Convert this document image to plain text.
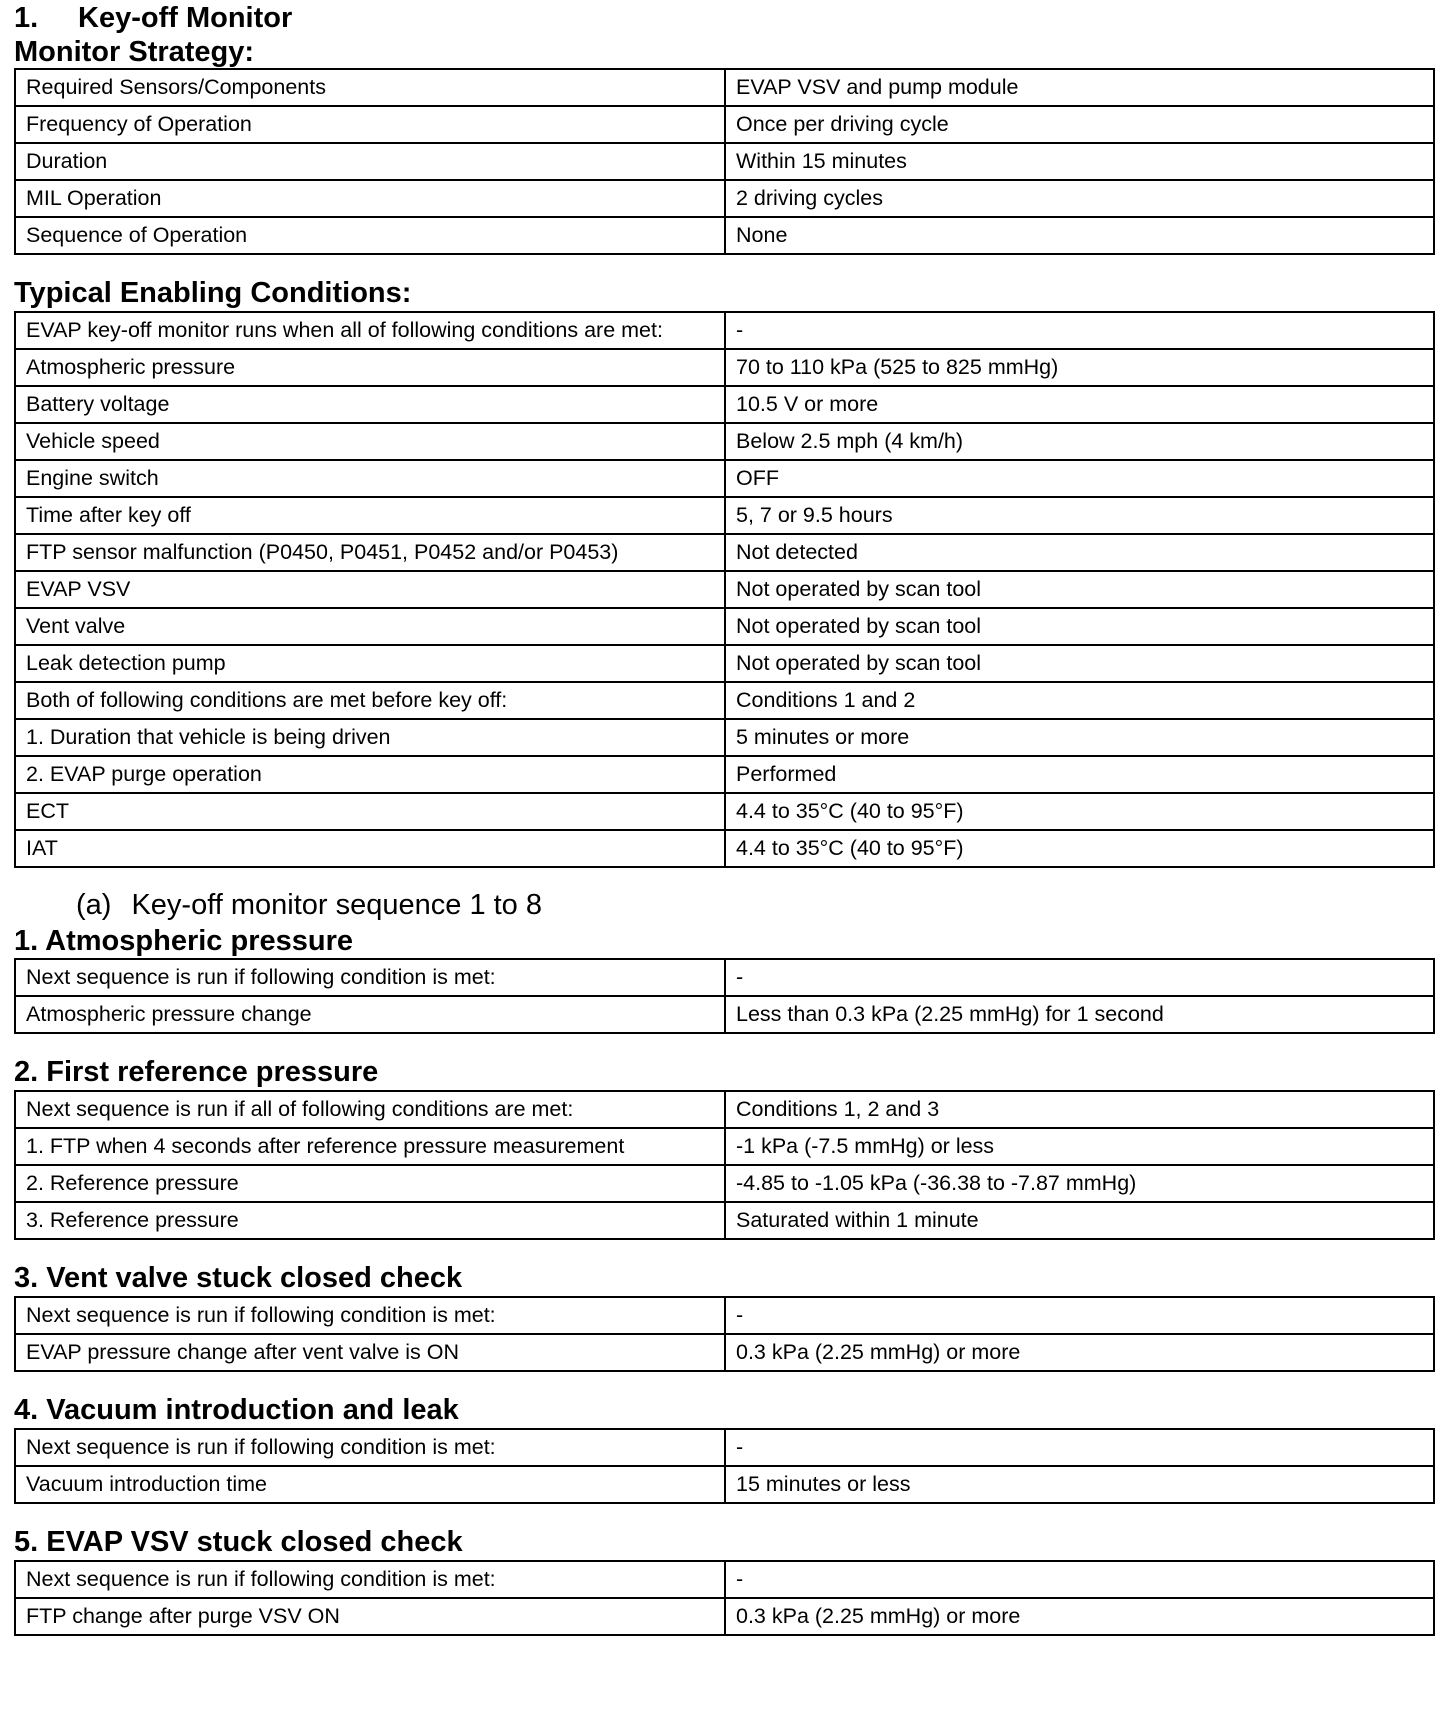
1.	Key-off Monitor
Monitor Strategy:
Required Sensors/Components	EVAP VSV and pump module
Frequency of Operation	Once per driving cycle
Duration	Within 15 minutes
MIL Operation	2 driving cycles
Sequence of Operation	None
Typical Enabling Conditions:
EVAP key-off monitor runs when all of following conditions are met:	-
Atmospheric pressure	70 to 110 kPa (525 to 825 mmHg)
Battery voltage	10.5 V or more
Vehicle speed	Below 2.5 mph (4 km/h)
Engine switch	OFF
Time after key off	5, 7 or 9.5 hours
FTP sensor malfunction (P0450, P0451, P0452 and/or P0453)	Not detected
EVAP VSV	Not operated by scan tool
Vent valve	Not operated by scan tool
Leak detection pump	Not operated by scan tool
Both of following conditions are met before key off:	Conditions 1 and 2
1. Duration that vehicle is being driven	5 minutes or more
2. EVAP purge operation	Performed
ECT	4.4 to 35°C (40 to 95°F)
IAT	4.4 to 35°C (40 to 95°F)
(a) Key-off monitor sequence 1 to 8
1. Atmospheric pressure
Next sequence is run if following condition is met:	-
Atmospheric pressure change	Less than 0.3 kPa (2.25 mmHg) for 1 second
2. First reference pressure
Next sequence is run if all of following conditions are met:	Conditions 1, 2 and 3
1. FTP when 4 seconds after reference pressure measurement	-1 kPa (-7.5 mmHg) or less
2. Reference pressure	-4.85 to -1.05 kPa (-36.38 to -7.87 mmHg)
3. Reference pressure	Saturated within 1 minute
3. Vent valve stuck closed check
Next sequence is run if following condition is met:	-
EVAP pressure change after vent valve is ON	0.3 kPa (2.25 mmHg) or more
4. Vacuum introduction and leak
Next sequence is run if following condition is met:	-
Vacuum introduction time	15 minutes or less
5. EVAP VSV stuck closed check
Next sequence is run if following condition is met:	-
FTP change after purge VSV ON	0.3 kPa (2.25 mmHg) or more
